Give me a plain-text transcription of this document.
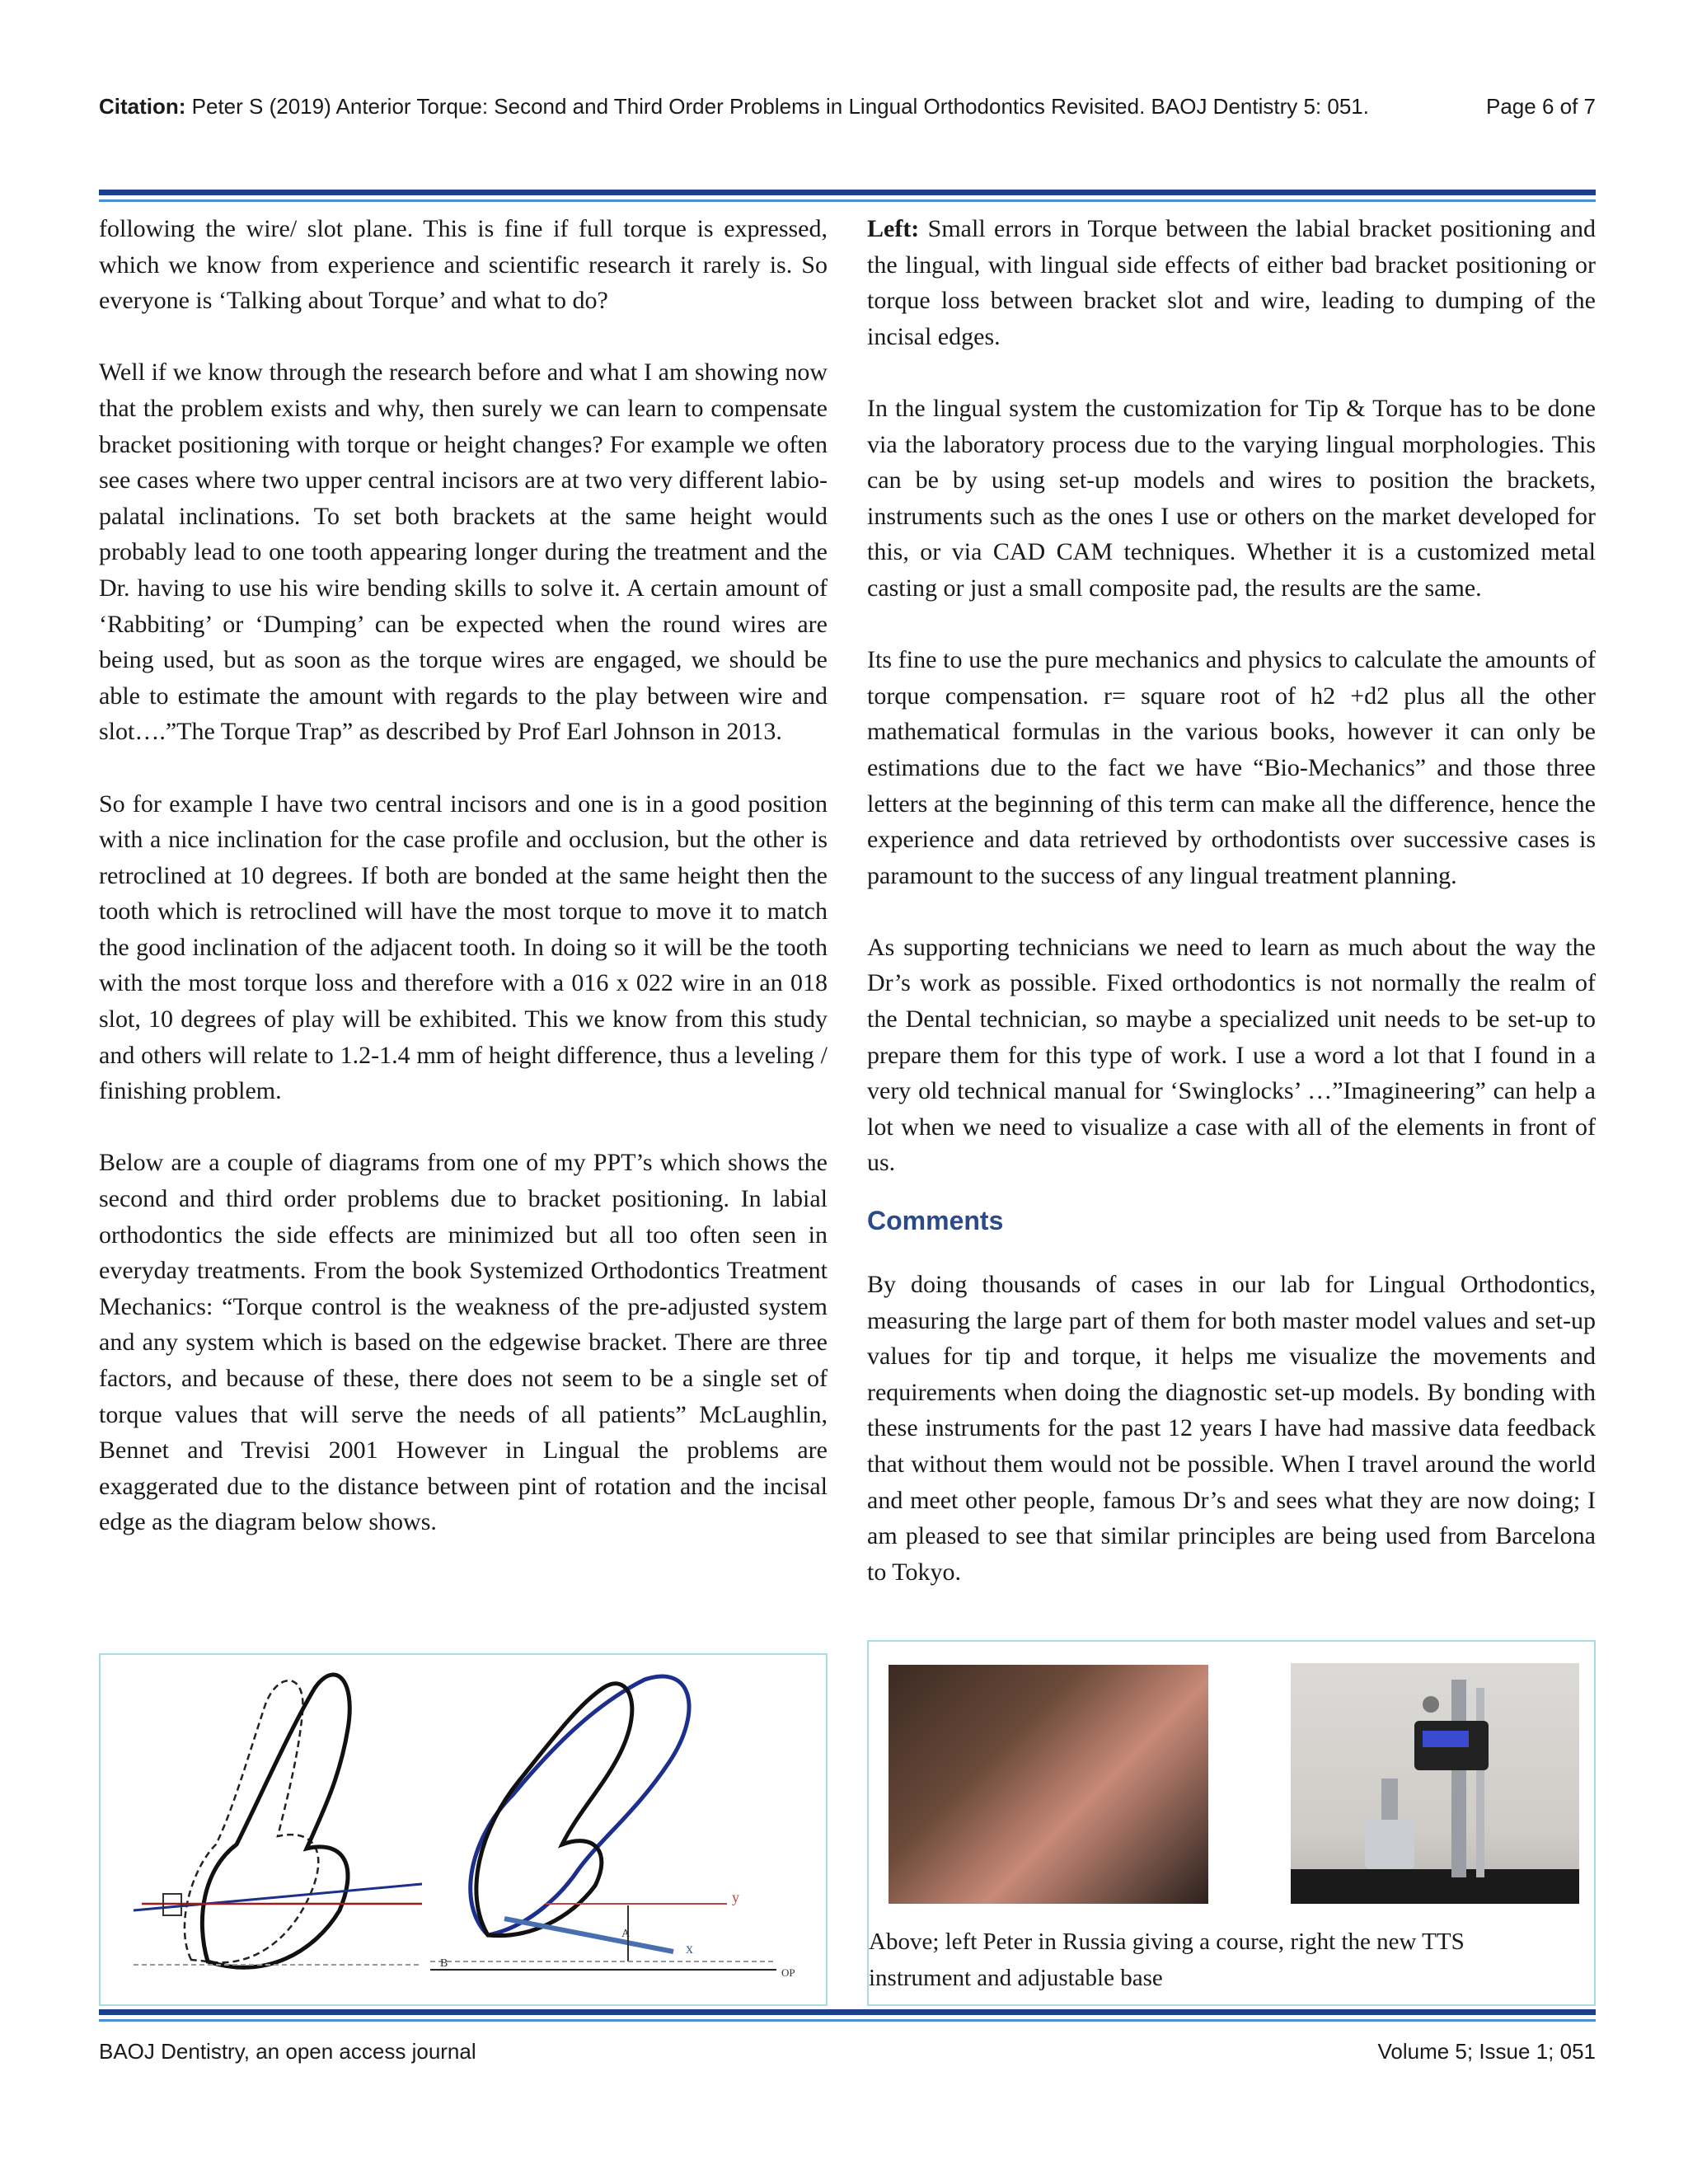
Citation: Peter S (2019) Anterior Torque: Second and Third Order Problems in Lingual Orthodontics Revisited. BAOJ Dentistry 5: 051.	Page 6 of 7

following the wire/ slot plane. This is fine if full torque is expressed, which we know from experience and scientific research it rarely is. So everyone is ‘Talking about Torque’ and what to do?

Well if we know through the research before and what I am showing now that the problem exists and why, then surely we can learn to compensate bracket positioning with torque or height changes? For example we often see cases where two upper central incisors are at two very different labio-palatal inclinations. To set both brackets at the same height would probably lead to one tooth appearing longer during the treatment and the Dr. having to use his wire bending skills to solve it. A certain amount of ‘Rabbiting’ or ‘Dumping’ can be expected when the round wires are being used, but as soon as the torque wires are engaged, we should be able to estimate the amount with regards to the play between wire and slot….”The Torque Trap” as described by Prof Earl Johnson in 2013.

So for example I have two central incisors and one is in a good position with a nice inclination for the case profile and occlusion, but the other is retroclined at 10 degrees. If both are bonded at the same height then the tooth which is retroclined will have the most torque to move it to match the good inclination of the adjacent tooth. In doing so it will be the tooth with the most torque loss and therefore with a 016 x 022 wire in an 018 slot, 10 degrees of play will be exhibited. This we know from this study and others will relate to 1.2-1.4 mm of height difference, thus a leveling / finishing problem.

Below are a couple of diagrams from one of my PPT’s which shows the second and third order problems due to bracket positioning. In labial orthodontics the side effects are minimized but all too often seen in everyday treatments. From the book Systemized Orthodontics Treatment Mechanics: “Torque control is the weakness of the pre-adjusted system and any system which is based on the edgewise bracket. There are three factors, and because of these, there does not seem to be a single set of torque values that will serve the needs of all patients” McLaughlin, Bennet and Trevisi 2001 However in Lingual the problems are exaggerated due to the distance between pint of rotation and the incisal edge as the diagram below shows.

Left: Small errors in Torque between the labial bracket positioning and the lingual, with lingual side effects of either bad bracket positioning or torque loss between bracket slot and wire, leading to dumping of the incisal edges.

In the lingual system the customization for Tip & Torque has to be done via the laboratory process due to the varying lingual morphologies. This can be by using set-up models and wires to position the brackets, instruments such as the ones I use or others on the market developed for this, or via CAD CAM techniques. Whether it is a customized metal casting or just a small composite pad, the results are the same.

Its fine to use the pure mechanics and physics to calculate the amounts of torque compensation. r= square root of h2 +d2 plus all the other mathematical formulas in the various books, however it can only be estimations due to the fact we have “Bio-Mechanics” and those three letters at the beginning of this term can make all the difference, hence the experience and data retrieved by orthodontists over successive cases is paramount to the success of any lingual treatment planning.

As supporting technicians we need to learn as much about the way the Dr’s work as possible. Fixed orthodontics is not normally the realm of the Dental technician, so maybe a specialized unit needs to be set-up to prepare them for this type of work. I use a word a lot that I found in a very old technical manual for ‘Swinglocks’ …”Imagineering” can help a lot when we need to visualize a case with all of the elements in front of us.

Comments

By doing thousands of cases in our lab for Lingual Orthodontics, measuring the large part of them for both master model values and set-up values for tip and torque, it helps me visualize the movements and requirements when doing the diagnostic set-up models. By bonding with these instruments for the past 12 years I have had massive data feedback that without them would not be possible. When I travel around the world and meet other people, famous Dr’s and sees what they are now doing; I am pleased to see that similar principles are being used from Barcelona to Tokyo.

y
x
A
B
OP
Above; left Peter in Russia giving a course, right the new TTS instrument and adjustable base
BAOJ Dentistry, an open access journal	Volume 5; Issue 1; 051
